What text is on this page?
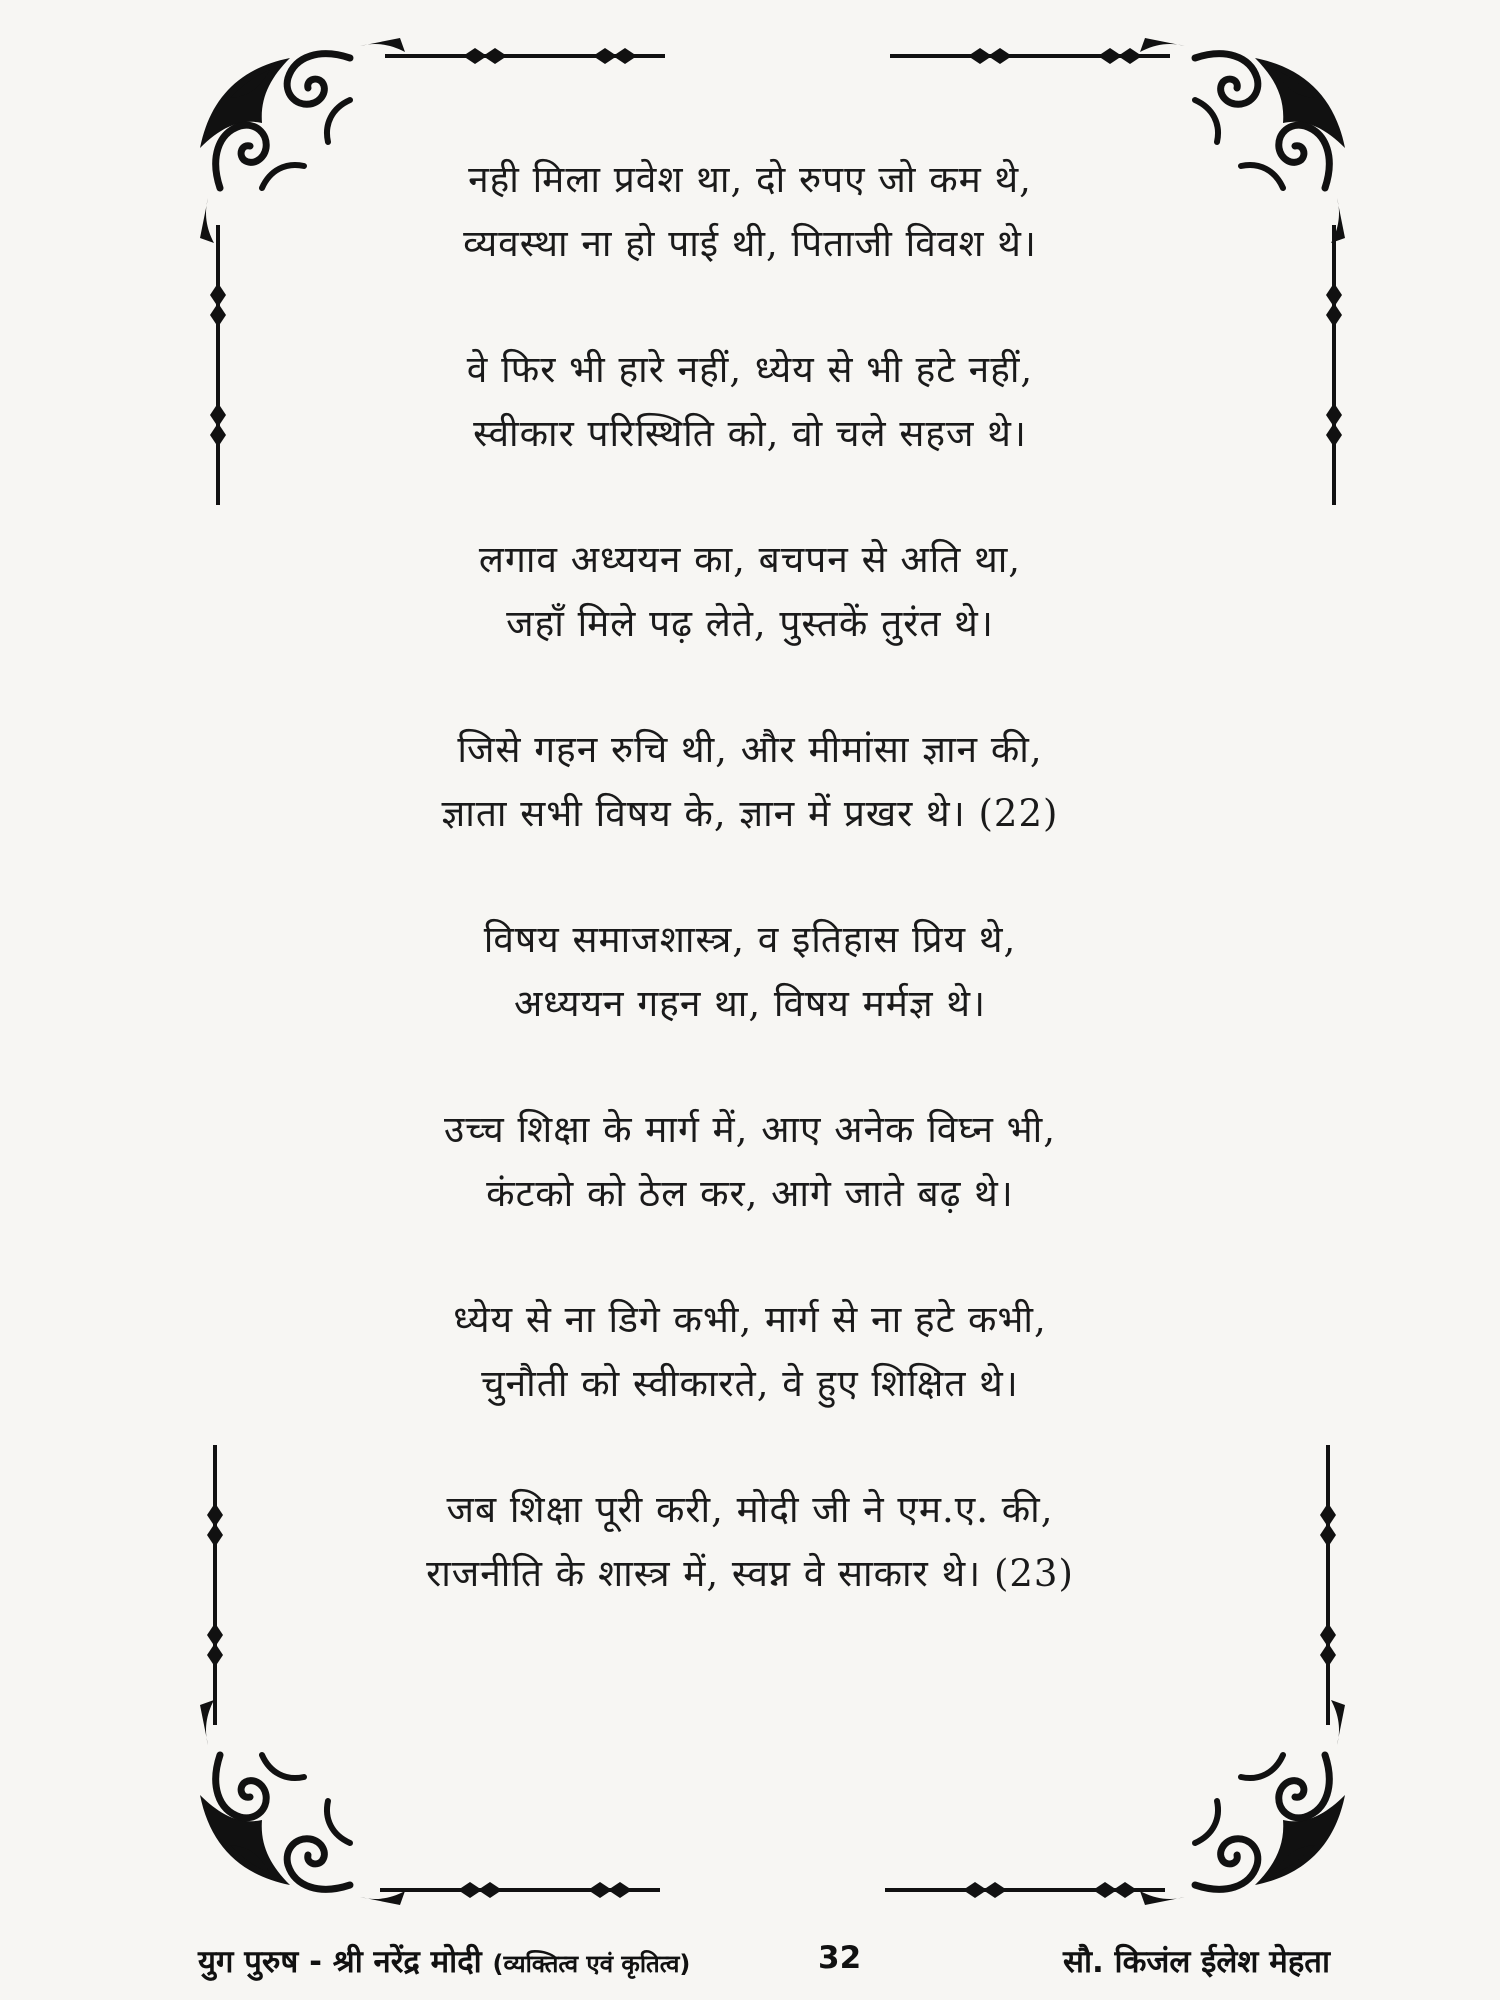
नही मिला प्रवेश था, दो रुपए जो कम थे,
व्यवस्था ना हो पाई थी, पिताजी विवश थे।
वे फिर भी हारे नहीं, ध्येय से भी हटे नहीं,
स्वीकार परिस्थिति को, वो चले सहज थे।
लगाव अध्ययन का, बचपन से अति था,
जहाँ मिले पढ़ लेते, पुस्तकें तुरंत थे।
जिसे गहन रुचि थी, और मीमांसा ज्ञान की,
ज्ञाता सभी विषय के, ज्ञान में प्रखर थे। (22)
विषय समाजशास्त्र, व इतिहास प्रिय थे,
अध्ययन गहन था, विषय मर्मज्ञ थे।
उच्च शिक्षा के मार्ग में, आए अनेक विघ्न भी,
कंटको को ठेल कर, आगे जाते बढ़ थे।
ध्येय से ना डिगे कभी, मार्ग से ना हटे कभी,
चुनौती को स्वीकारते, वे हुए शिक्षित थे।
जब शिक्षा पूरी करी, मोदी जी ने एम.ए. की,
राजनीति के शास्त्र में, स्वप्न वे साकार थे। (23)
युग पुरुष - श्री नरेंद्र मोदी (व्यक्तित्व एवं कृतित्व)	32	सौ. किजंल ईलेश मेहता
